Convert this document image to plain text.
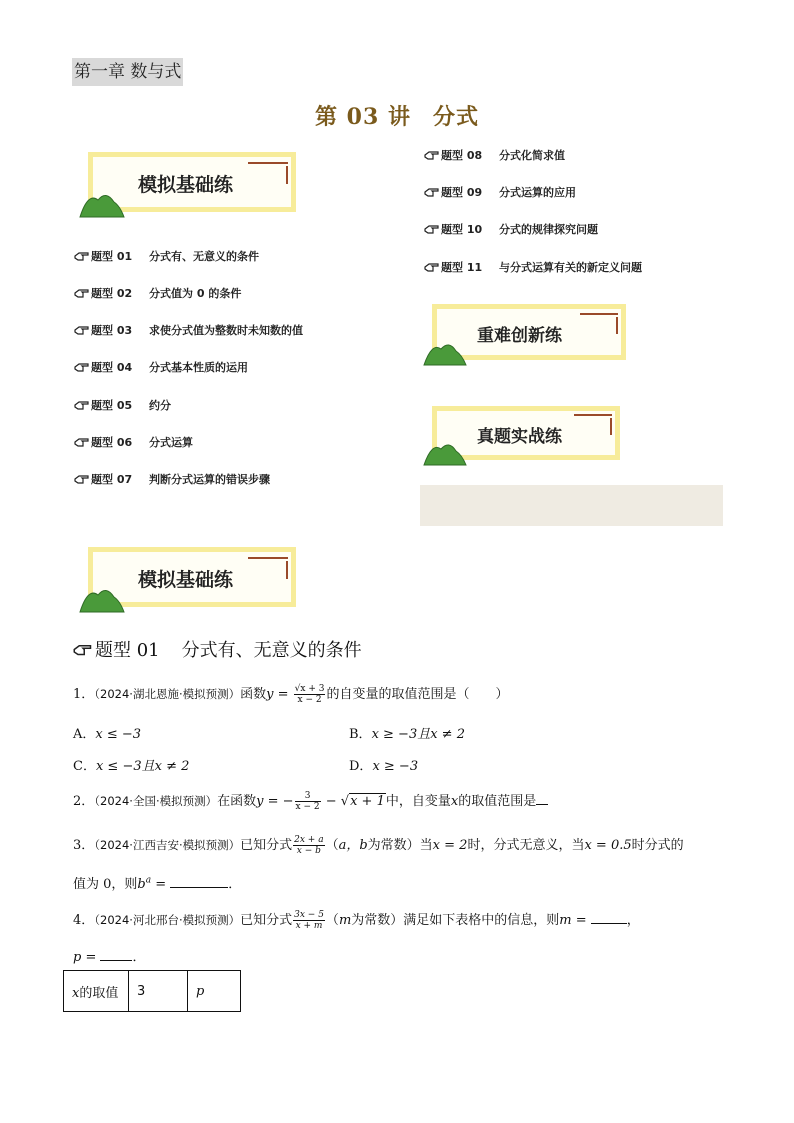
第一章 数与式
第 03 讲 分式
模拟基础练
题型 01	分式有、无意义的条件
题型 02	分式值为 0 的条件
题型 03	求使分式值为整数时未知数的值
题型 04	分式基本性质的运用
题型 05	约分
题型 06	分式运算
题型 07	判断分式运算的错误步骤
题型 08	分式化简求值
题型 09	分式运算的应用
题型 10	分式的规律探究问题
题型 11	与分式运算有关的新定义问题
重难创新练
真题实战练
模拟基础练
题型 01 分式有、无意义的条件
1．（2024·湖北恩施·模拟预测）函数$y = \frac{√x + 3}{x - 2}$ 的自变量的取值范围是（　　）
A．x ≤ −3	B．x ≥ −3且x ≠ 2
C．x ≤ −3且x ≠ 2	D．x ≥ −3
2．（2024·全国·模拟预测）在函数y = − $\frac{3}{x - 2} - √x + 1$中，自变量x的取值范围是
3．（2024·江西吉安·模拟预测）已知分式 $\frac{2x + a}{x - b} (a$，b为常数）当x = 2时，分式无意义，当x = 0.5时分式的
值为 0，则$b^a$ =	．
4．（2024·河北邢台·模拟预测）已知分式 $\frac{3x - 5}{x + m} (m$为常数）满足如下表格中的信息，则m =	，
p = ．
x的取值	3	p
